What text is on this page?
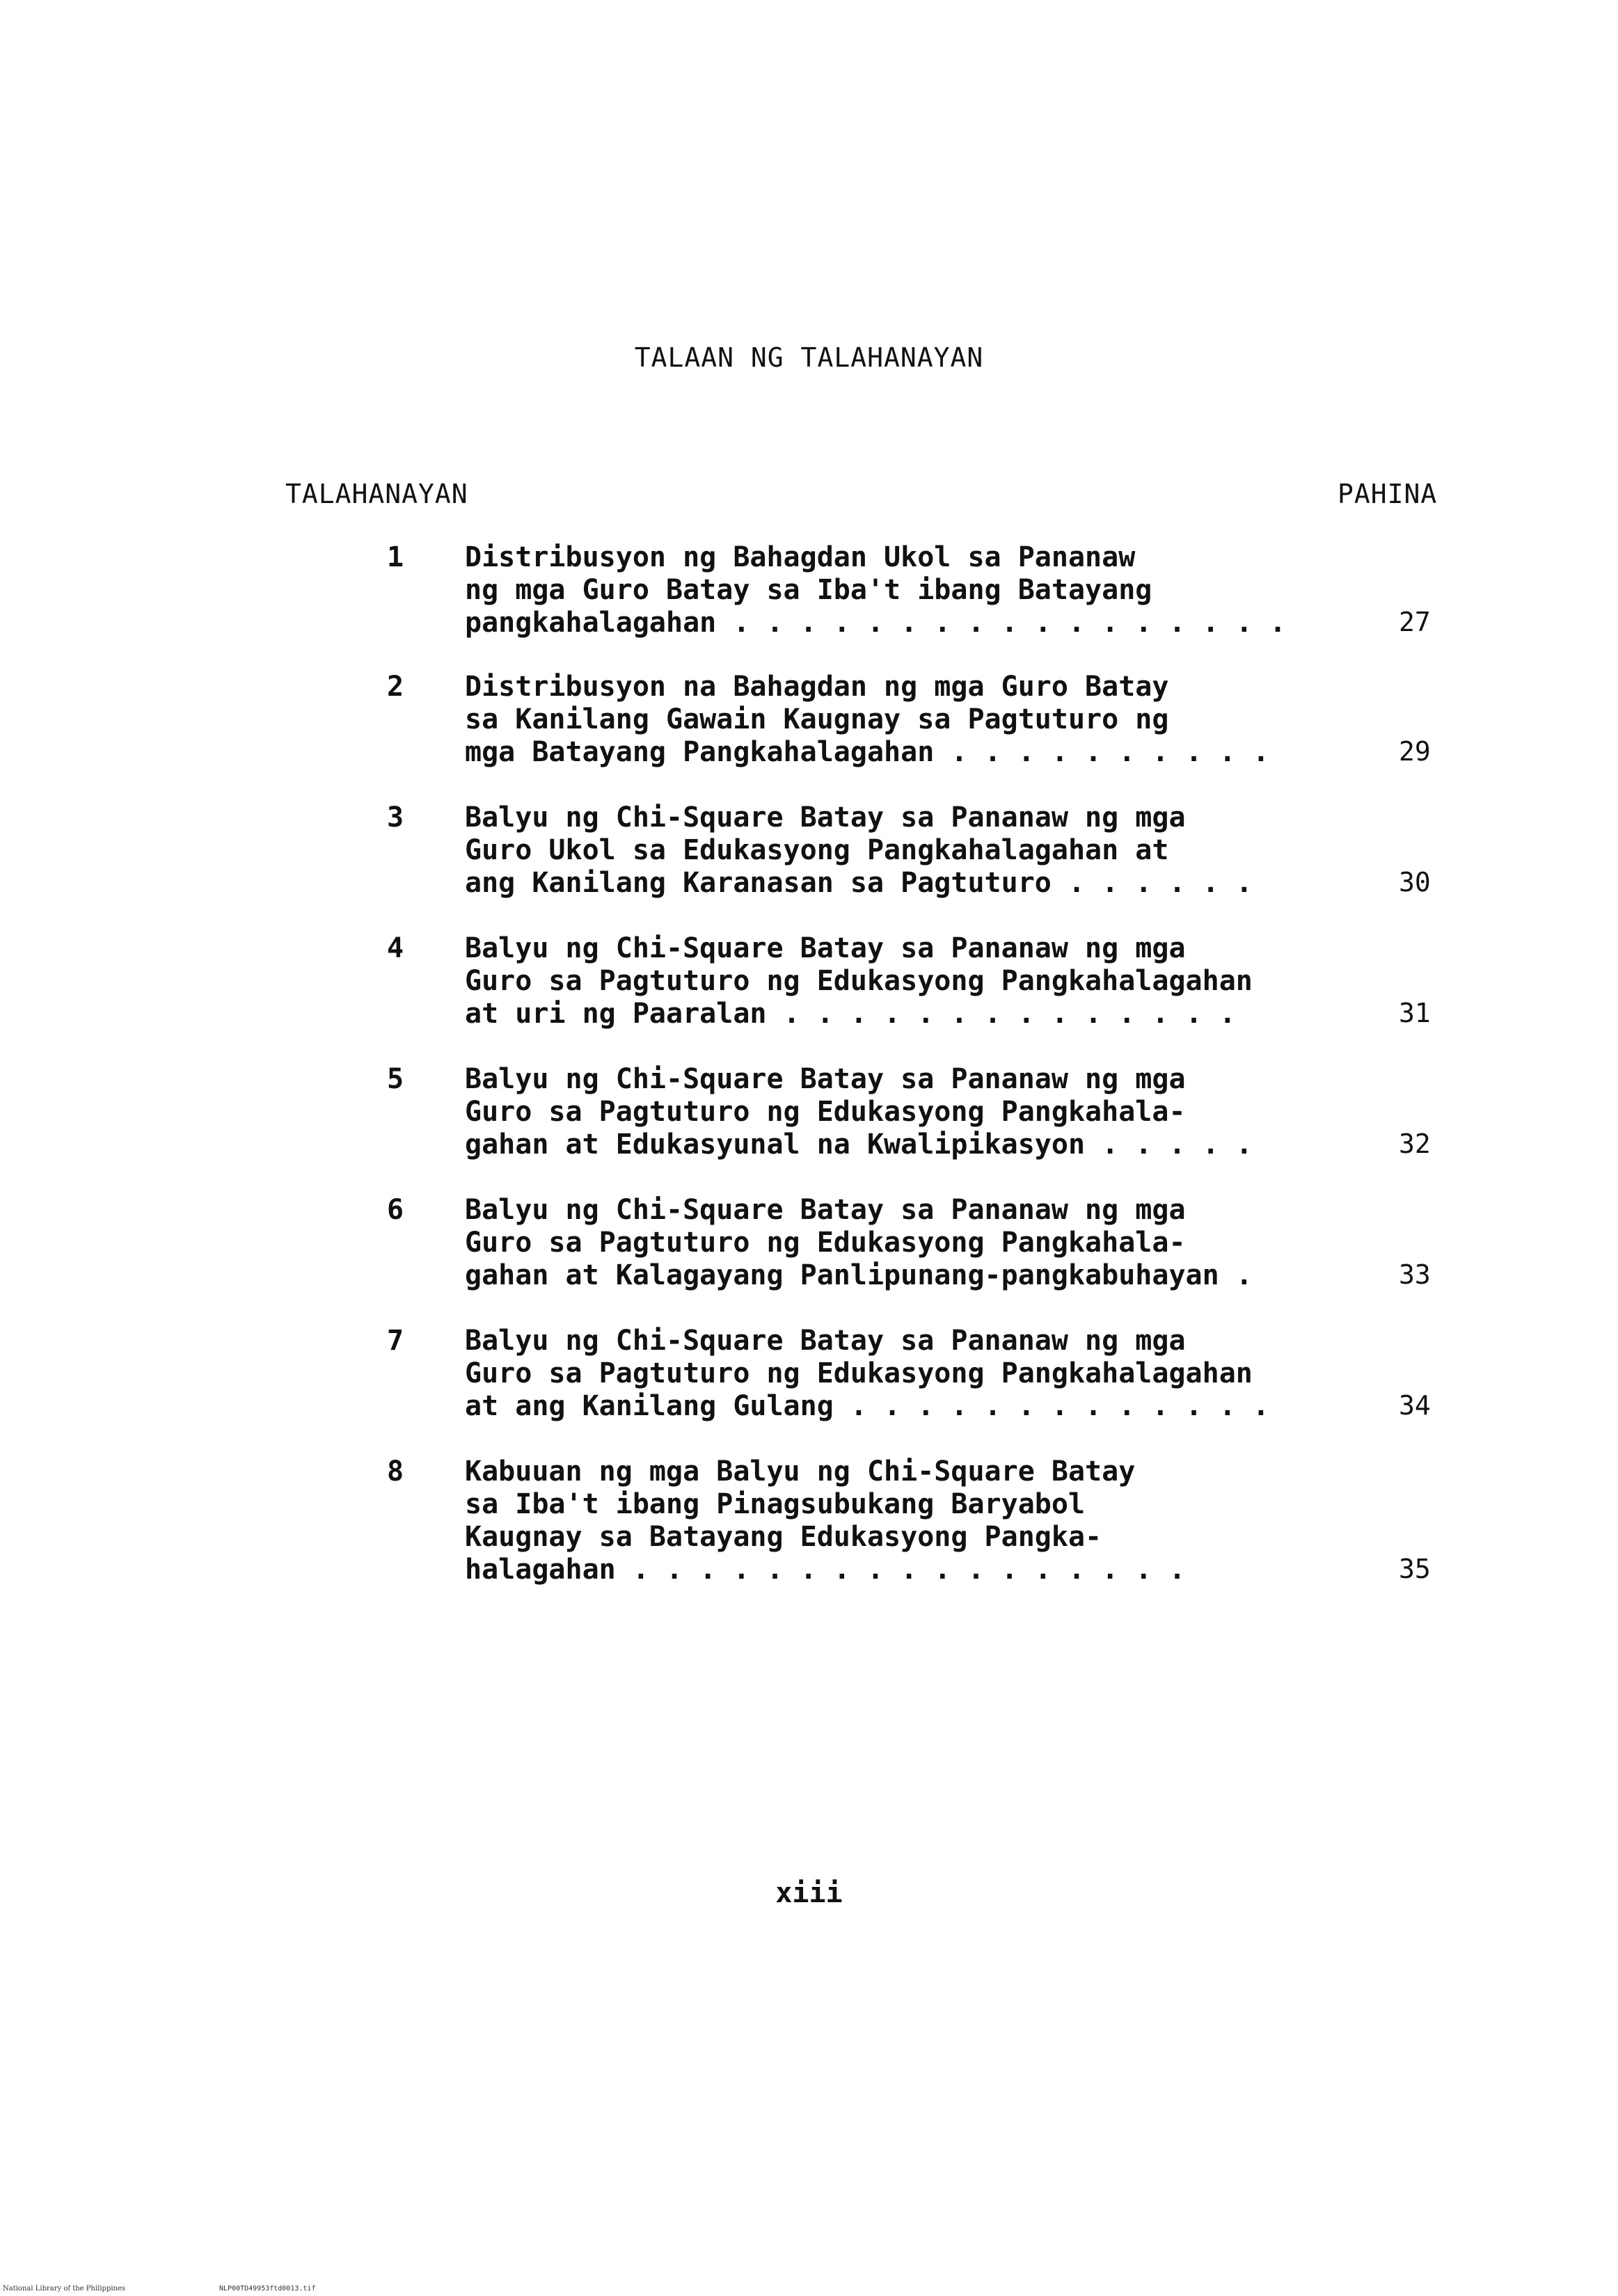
TALAAN NG TALAHANAYAN
TALAHANAYAN	PAHINA
1 Distribusyon ng Bahagdan Ukol sa Pananaw
ng mga Guro Batay sa Iba't ibang Batayang
pangkahalagahan . . . . . . . . . . . . . . . . .	27
2 Distribusyon na Bahagdan ng mga Guro Batay
sa Kanilang Gawain Kaugnay sa Pagtuturo ng
mga Batayang Pangkahalagahan . . . . . . . . . .	29
3 Balyu ng Chi-Square Batay sa Pananaw ng mga
Guro Ukol sa Edukasyong Pangkahalagahan at
ang Kanilang Karanasan sa Pagtuturo . . . . . .	30
4 Balyu ng Chi-Square Batay sa Pananaw ng mga
Guro sa Pagtuturo ng Edukasyong Pangkahalagahan
at uri ng Paaralan . . . . . . . . . . . . . .	31
5 Balyu ng Chi-Square Batay sa Pananaw ng mga
Guro sa Pagtuturo ng Edukasyong Pangkahala-
gahan at Edukasyunal na Kwalipikasyon . . . . .	32
6 Balyu ng Chi-Square Batay sa Pananaw ng mga
Guro sa Pagtuturo ng Edukasyong Pangkahala-
gahan at Kalagayang Panlipunang-pangkabuhayan .	33
7 Balyu ng Chi-Square Batay sa Pananaw ng mga
Guro sa Pagtuturo ng Edukasyong Pangkahalagahan
at ang Kanilang Gulang . . . . . . . . . . . . .	34
8 Kabuuan ng mga Balyu ng Chi-Square Batay
sa Iba't ibang Pinagsubukang Baryabol
Kaugnay sa Batayang Edukasyong Pangka-
halagahan . . . . . . . . . . . . . . . . .	35
xiii
National Library of the Philippines	NLP00TD49953ftd0013.tif
